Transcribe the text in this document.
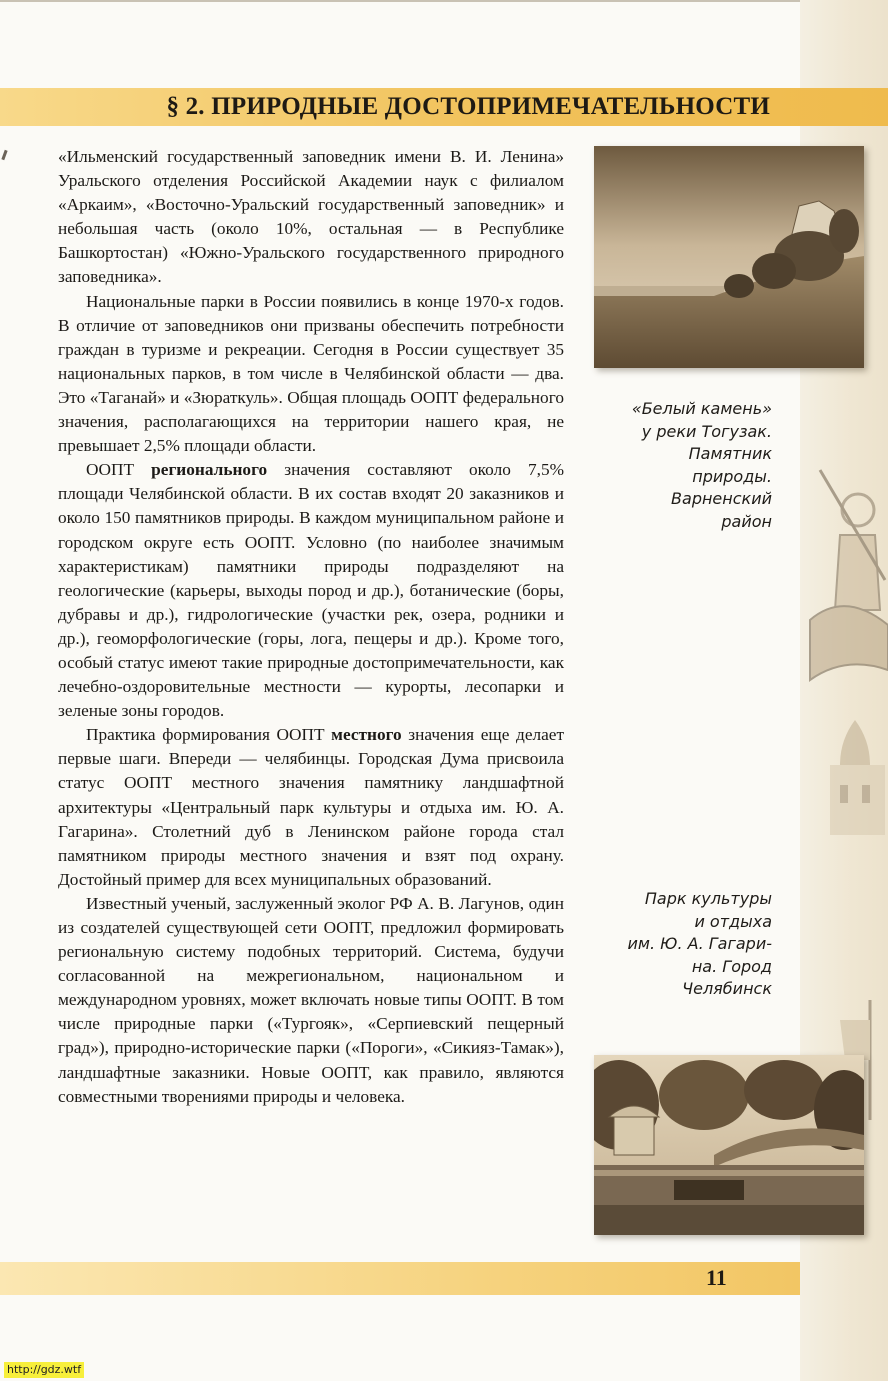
§ 2. ПРИРОДНЫЕ ДОСТОПРИМЕЧАТЕЛЬНОСТИ

«Ильменский государственный заповедник имени В. И. Ленина» Уральского отделения Российской Академии наук с филиалом «Аркаим», «Восточно-Уральский государственный заповедник» и небольшая часть (около 10%, остальная — в Республике Башкортостан) «Южно-Уральского государственного природного заповедника».

Национальные парки в России появились в конце 1970-х годов. В отличие от заповедников они призваны обеспечить потребности граждан в туризме и рекреации. Сегодня в России существует 35 национальных парков, в том числе в Челябинской области — два. Это «Таганай» и «Зюраткуль». Общая площадь ООПТ федерального значения, располагающихся на территории нашего края, не превышает 2,5% площади области.

ООПТ регионального значения составляют около 7,5% площади Челябинской области. В их состав входят 20 заказников и около 150 памятников природы. В каждом муниципальном районе и городском округе есть ООПТ. Условно (по наиболее значимым характеристикам) памятники природы подразделяют на геологические (карьеры, выходы пород и др.), ботанические (боры, дубравы и др.), гидрологические (участки рек, озера, родники и др.), геоморфологические (горы, лога, пещеры и др.). Кроме того, особый статус имеют такие природные достопримечательности, как лечебно-оздоровительные местности — курорты, лесопарки и зеленые зоны городов.

Практика формирования ООПТ местного значения еще делает первые шаги. Впереди — челябинцы. Городская Дума присвоила статус ООПТ местного значения памятнику ландшафтной архитектуры «Центральный парк культуры и отдыха им. Ю. А. Гагарина». Столетний дуб в Ленинском районе города стал памятником природы местного значения и взят под охрану. Достойный пример для всех муниципальных образований.

Известный ученый, заслуженный эколог РФ А. В. Лагунов, один из создателей существующей сети ООПТ, предложил формировать региональную систему подобных территорий. Система, будучи согласованной на межрегиональном, национальном и международном уровнях, может включать новые типы ООПТ. В том числе природные парки («Тургояк», «Серпиевский пещерный град»), природно-исторические парки («Пороги», «Сикияз-Тамак»), ландшафтные заказники. Новые ООПТ, как правило, являются совместными творениями природы и человека.

«Белый камень»
у реки Тогузак.
Памятник
природы.
Варненский
район
Парк культуры
и отдыха
им. Ю. А. Гагари-
на. Город
Челябинск
11
http://gdz.wtf
